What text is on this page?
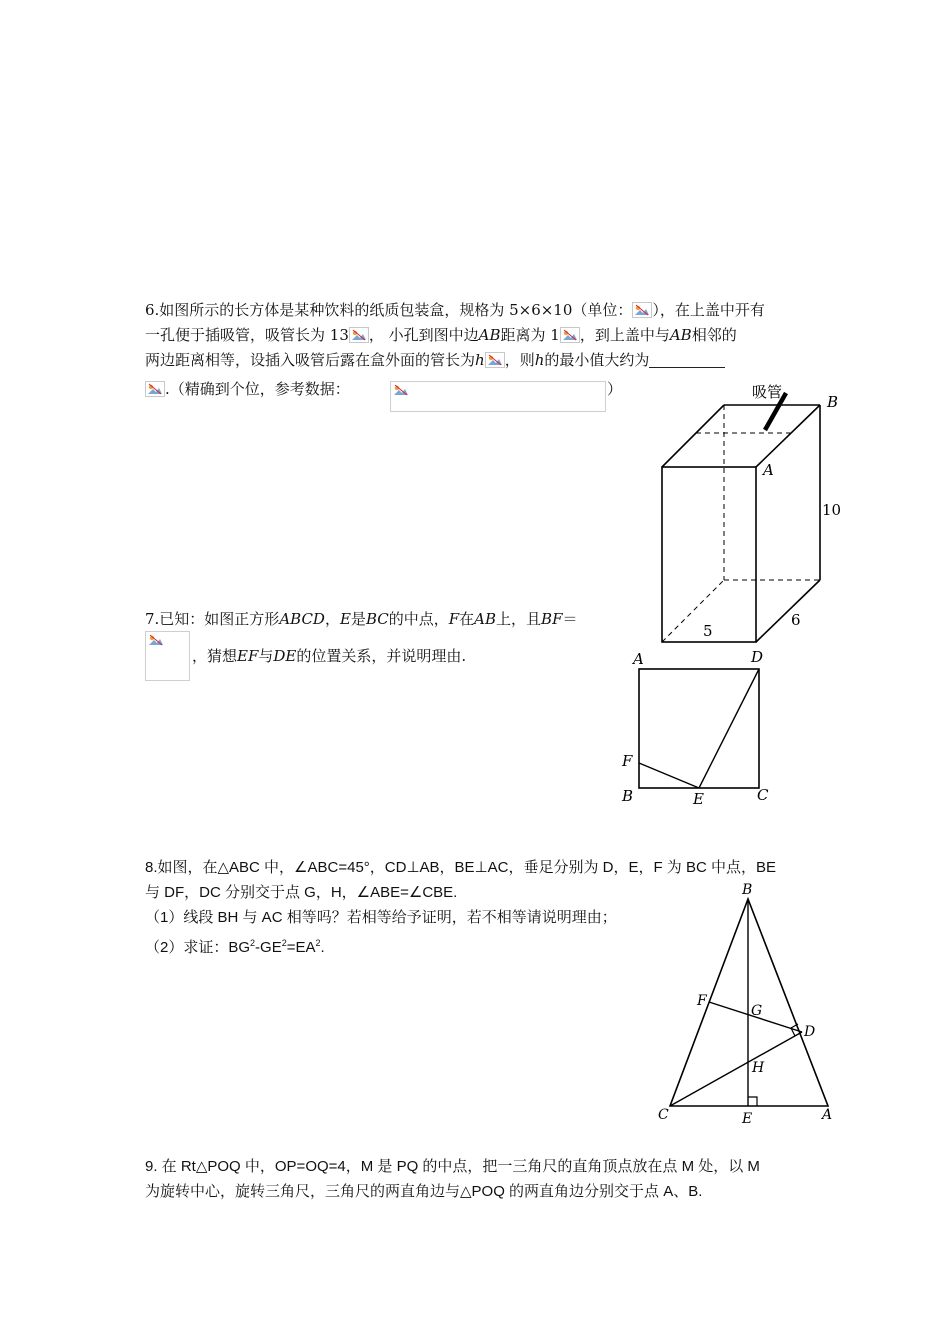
6.如图所示的长方体是某种饮料的纸质包装盒，规格为 5×6×10（单位： ），在上盖中开有
一孔便于插吸管，吸管长为 13 ， 小孔到图中边AB距离为 1 ，到上盖中与AB相邻的
两边距离相等，设插入吸管后露在盒外面的管长为h ，则h的最小值大约为
.（精确到个位，参考数据：	）	吸管
B
A
10
5
6
7.已知：如图正方形ABCD，E是BC的中点，F在AB上，且BF＝
，猜想EF与DE的位置关系，并说明理由.	A	D
F
B	E	C
8.如图，在△ABC 中，∠ABC=45°，CD⊥AB，BE⊥AC，垂足分别为 D，E，F 为 BC 中点，BE
与 DF，DC 分别交于点 G，H，∠ABE=∠CBE.
（1）线段 BH 与 AC 相等吗？若相等给予证明，若不相等请说明理由；
（2）求证：$BG^2-GE^2=EA^2$.
B
F
G
D
H
C	E	A
9. 在 Rt△POQ 中，OP=OQ=4，M 是 PQ 的中点，把一三角尺的直角顶点放在点 M 处，以 M
为旋转中心，旋转三角尺，三角尺的两直角边与△POQ 的两直角边分别交于点 A、B.
